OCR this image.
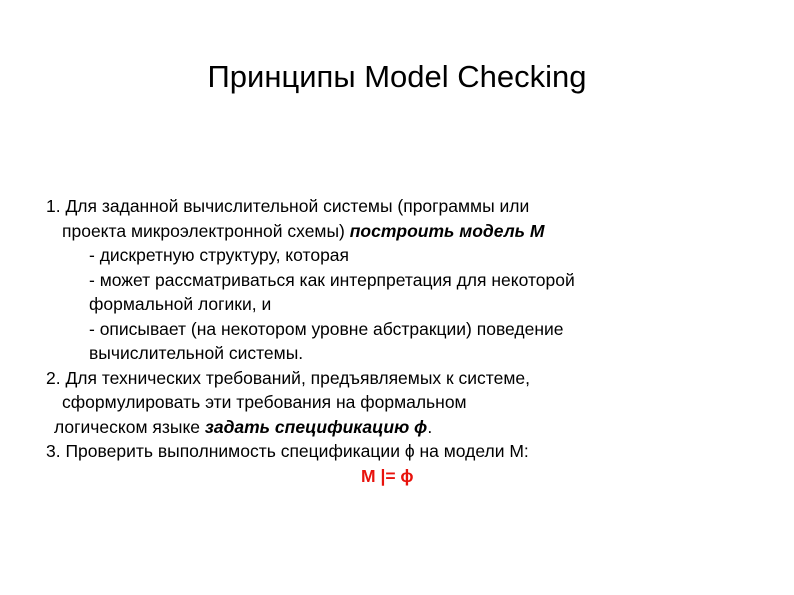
Принципы Model Checking
1. Для заданной вычислительной системы (программы или
проекта микроэлектронной схемы) построить модель M
- дискретную структуру, которая
- может рассматриваться как интерпретация для некоторой
формальной логики, и
- описывает (на некотором уровне абстракции) поведение
вычислительной системы.
2. Для технических требований, предъявляемых к системе,
сформулировать эти требования на формальном
логическом языке задать спецификацию ϕ.
3. Проверить выполнимость спецификации ϕ на модели M:
M |= ϕ
